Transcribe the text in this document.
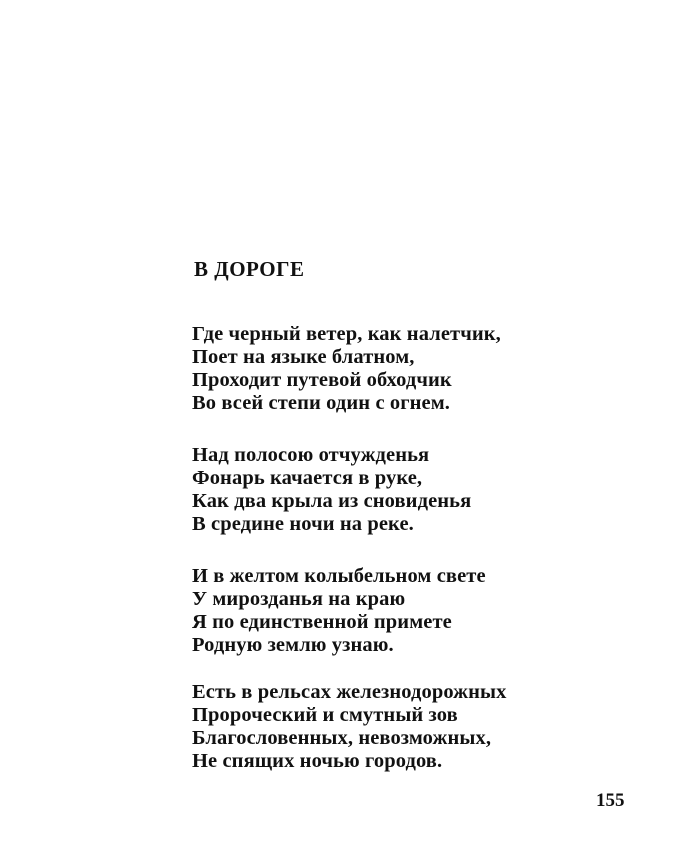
В ДОРОГЕ
Где черный ветер, как налетчик,
Поет на языке блатном,
Проходит путевой обходчик
Во всей степи один с огнем.
Над полосою отчужденья
Фонарь качается в руке,
Как два крыла из сновиденья
В средине ночи на реке.
И в желтом колыбельном свете
У мирозданья на краю
Я по единственной примете
Родную землю узнаю.
Есть в рельсах железнодорожных
Пророческий и смутный зов
Благословенных, невозможных,
Не спящих ночью городов.
155
